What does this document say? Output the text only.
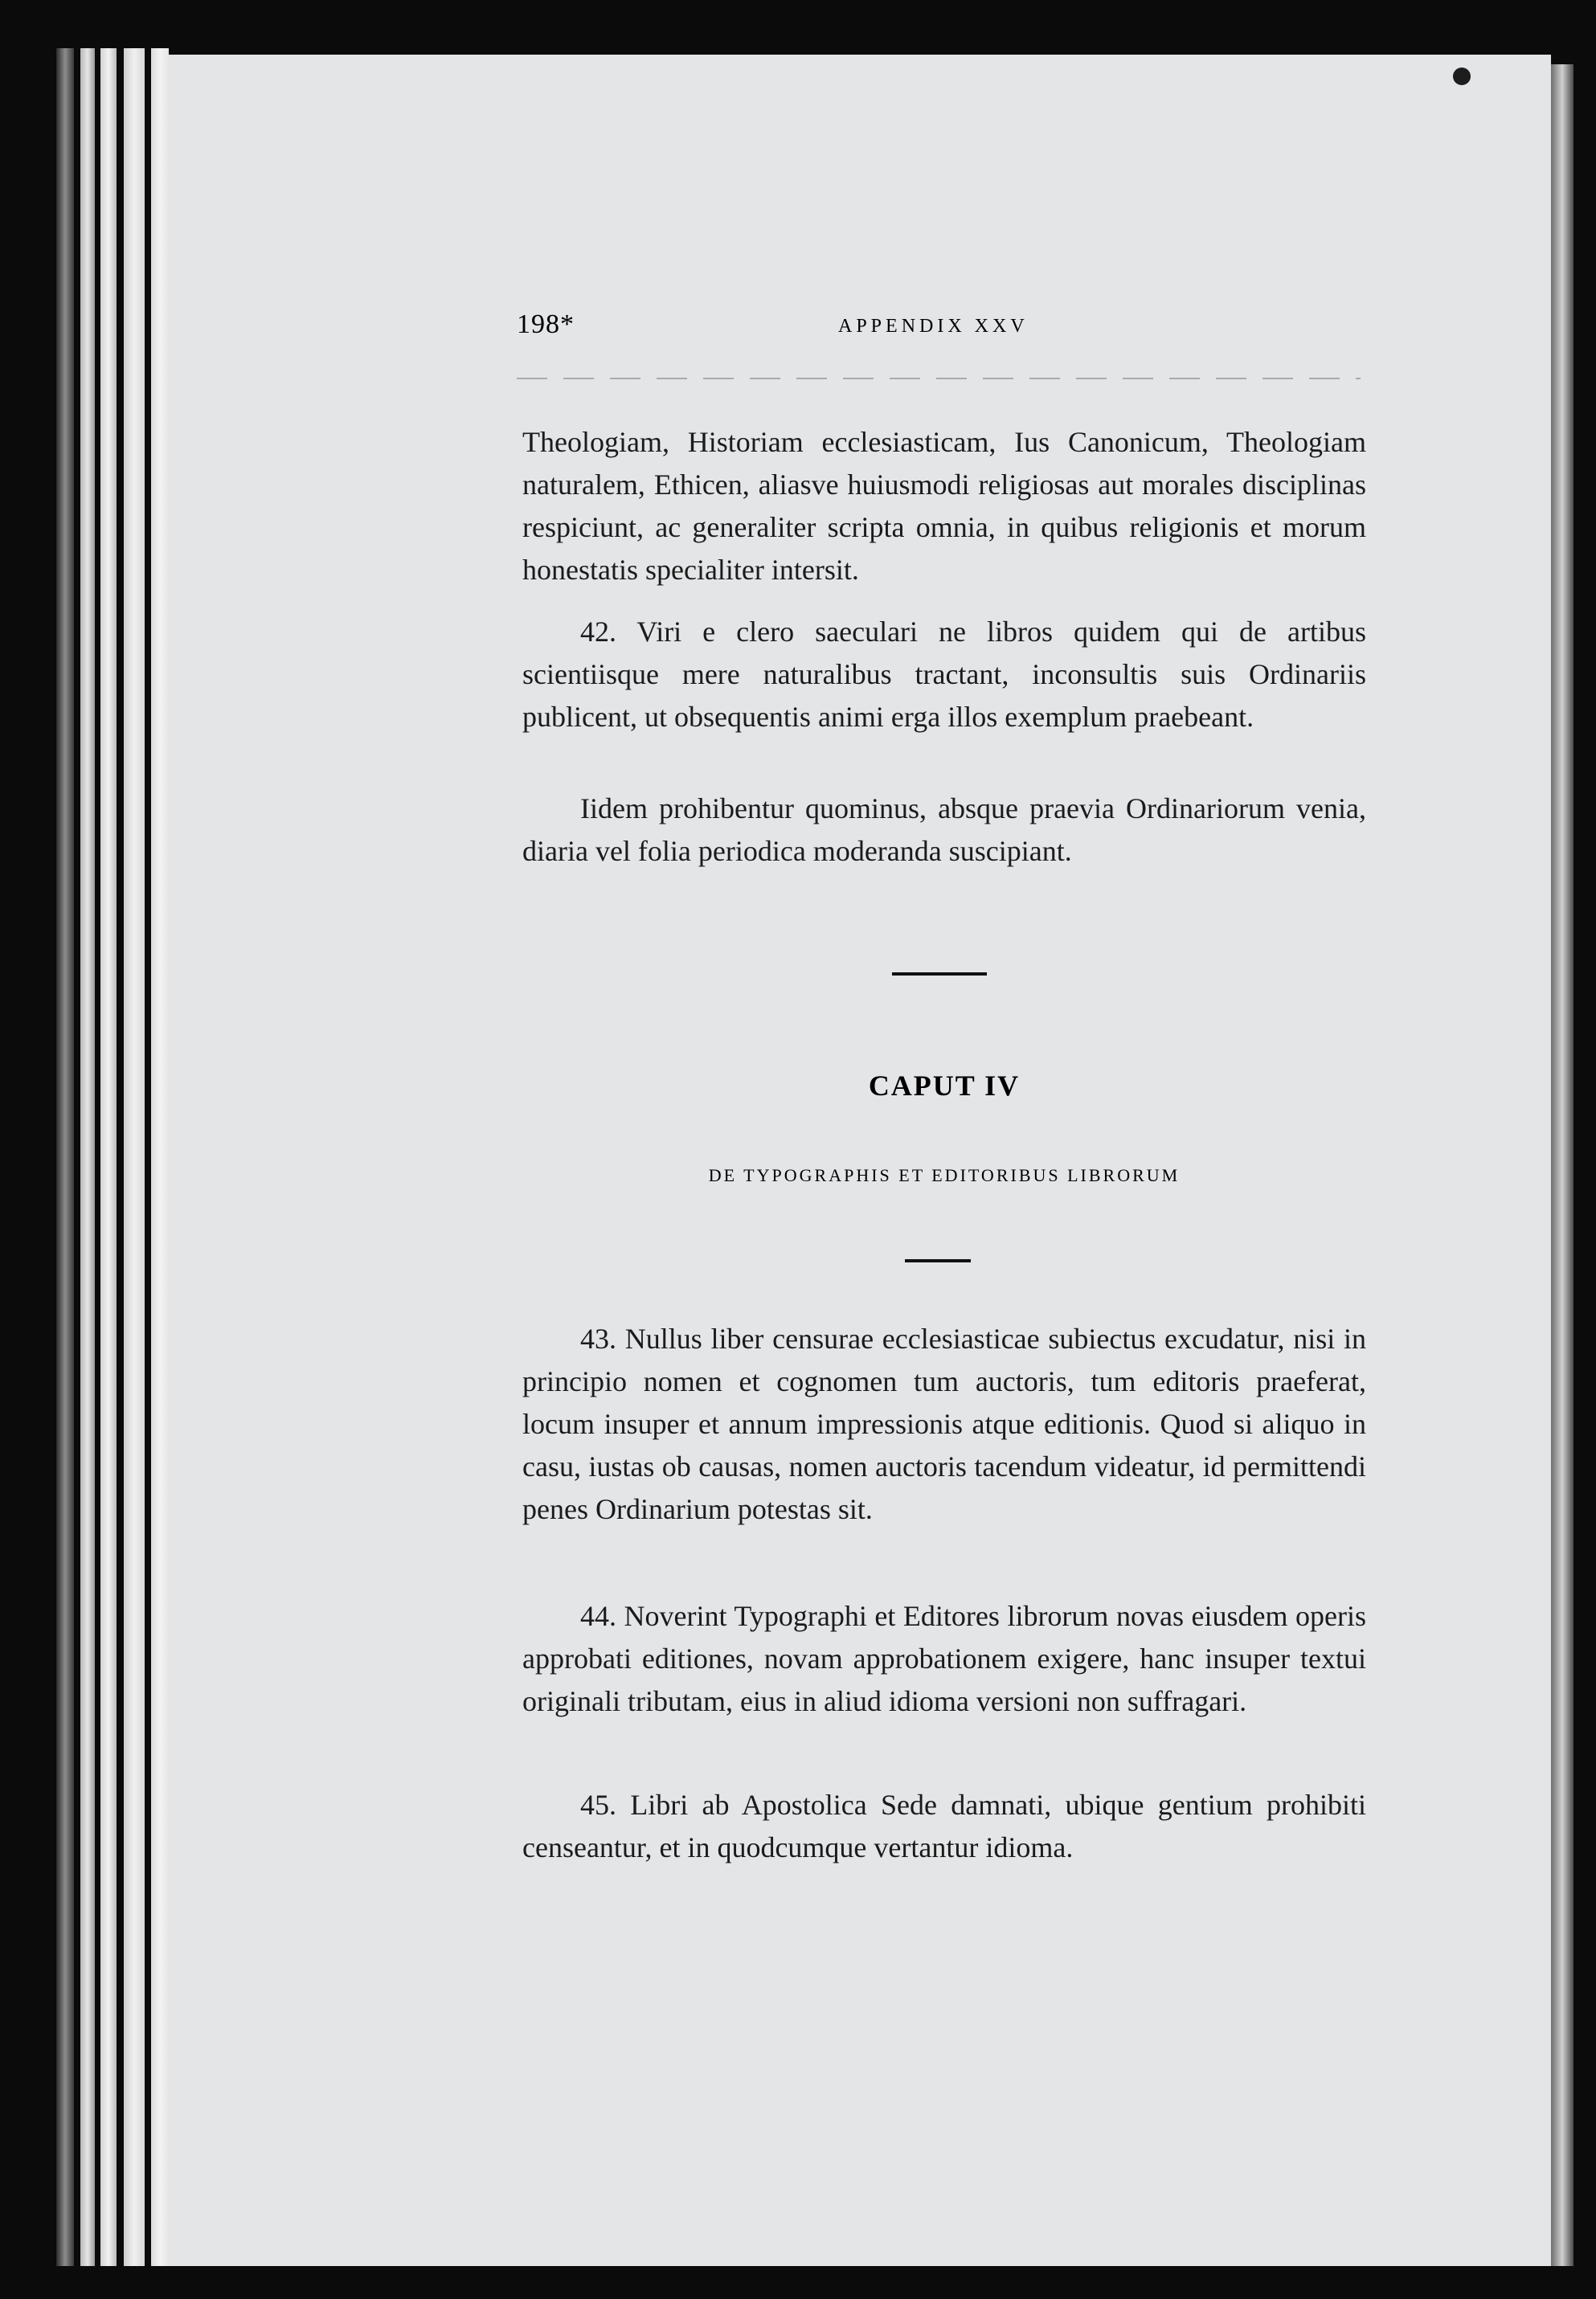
198*	APPENDIX XXV

Theologiam, Historiam ecclesiasticam, Ius Canonicum, Theologiam naturalem, Ethicen, aliasve huiusmodi religiosas aut morales disciplinas respiciunt, ac generaliter scripta omnia, in quibus religionis et morum honestatis specialiter intersit.

42. Viri e clero saeculari ne libros quidem qui de artibus scientiisque mere naturalibus tractant, inconsultis suis Ordinariis publicent, ut obsequentis animi erga illos exemplum praebeant.

Iidem prohibentur quominus, absque praevia Ordinariorum venia, diaria vel folia periodica moderanda suscipiant.

CAPUT IV
DE TYPOGRAPHIS ET EDITORIBUS LIBRORUM

43. Nullus liber censurae ecclesiasticae subiectus excudatur, nisi in principio nomen et cognomen tum auctoris, tum editoris praeferat, locum insuper et annum impressionis atque editionis. Quod si aliquo in casu, iustas ob causas, nomen auctoris tacendum videatur, id permittendi penes Ordinarium potestas sit.

44. Noverint Typographi et Editores librorum novas eiusdem operis approbati editiones, novam approbationem exigere, hanc insuper textui originali tributam, eius in aliud idioma versioni non suffragari.

45. Libri ab Apostolica Sede damnati, ubique gentium prohibiti censeantur, et in quodcumque vertantur idioma.
